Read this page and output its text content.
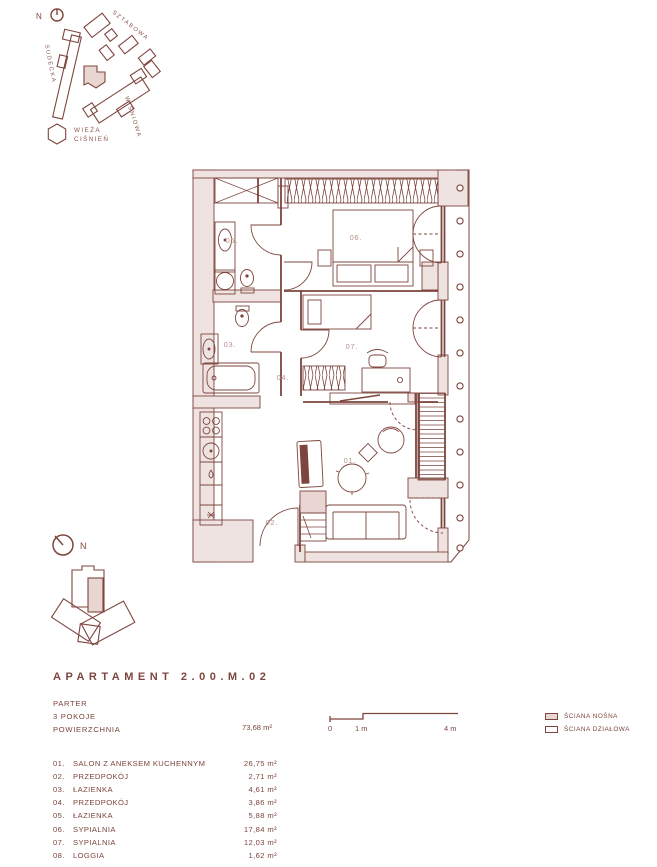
N	SZTABOWA
SUDECKA
WIŚNIOWA
WIEŻA
CIŚNIEŃ
05.	06.
03.
04.
07.
01.
02.
N
0	1 m	4 m
APARTAMENT 2.00.M.02
PARTER
3 POKOJE
POWIERZCHNIA	73,68 m²
ŚCIANA NOŚNA
ŚCIANA DZIAŁOWA
01.	SALON Z ANEKSEM KUCHENNYM	26,75 m²
02.	PRZEDPOKÓJ	2,71 m²
03.	ŁAZIENKA	4,61 m²
04.	PRZEDPOKÓJ	3,86 m²
05.	ŁAZIENKA	5,88 m²
06.	SYPIALNIA	17,84 m²
07.	SYPIALNIA	12,03 m²
08.	LOGGIA	1,62 m²
